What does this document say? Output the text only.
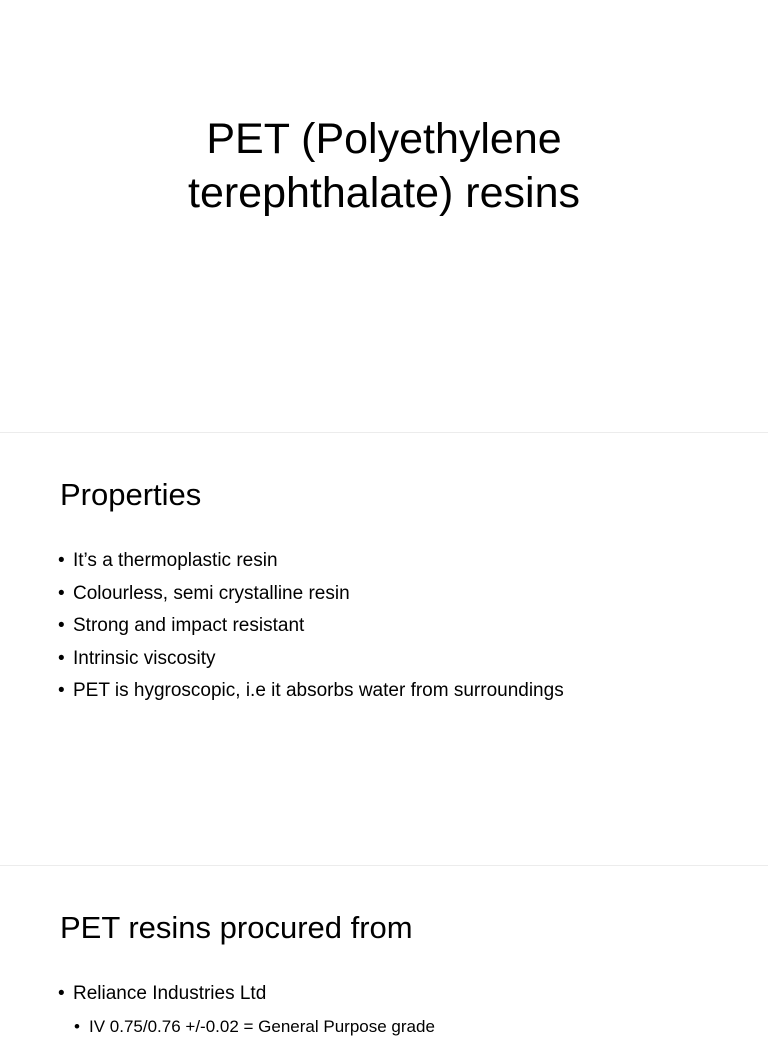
PET (Polyethylene
terephthalate) resins
Properties
• It’s a thermoplastic resin
• Colourless, semi crystalline resin
• Strong and impact resistant
• Intrinsic viscosity
• PET is hygroscopic, i.e it absorbs water from surroundings
PET resins procured from
• Reliance Industries Ltd
• IV 0.75/0.76 +/-0.02 = General Purpose grade
